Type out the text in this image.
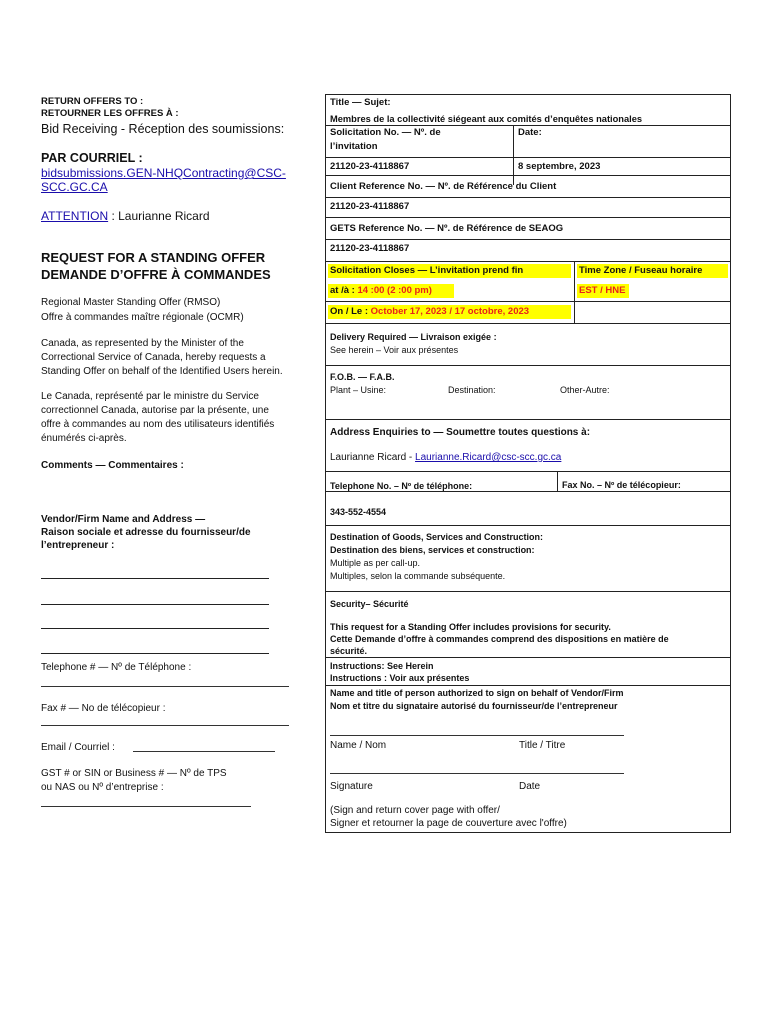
RETURN OFFERS TO :
RETOURNER LES OFFRES À :
Bid Receiving - Réception des soumissions:
PAR COURRIEL :
bidsubmissions.GEN-NHQContracting@CSC-
SCC.GC.CA
ATTENTION : Laurianne Ricard
REQUEST FOR A STANDING OFFER
DEMANDE D’OFFRE À COMMANDES
Regional Master Standing Offer (RMSO)
Offre à commandes maître régionale (OCMR)
Canada, as represented by the Minister of the
Correctional Service of Canada, hereby requests a
Standing Offer on behalf of the Identified Users herein.
Le Canada, représenté par le ministre du Service
correctionnel Canada, autorise par la présente, une
offre à commandes au nom des utilisateurs identifiés
énumérés ci-après.
Comments — Commentaires :
Vendor/Firm Name and Address —
Raison sociale et adresse du fournisseur/de
l’entrepreneur :
Telephone # — Nº de Téléphone :
Fax # — No de télécopieur :
Email / Courriel :
GST # or SIN or Business # — Nº de TPS
ou NAS ou Nº d’entreprise :
Title — Sujet:
Membres de la collectivité siégeant aux comités d’enquêtes nationales
Solicitation No. — Nº. de
l’invitation
Date:
21120-23-4118867	8 septembre, 2023
Client Reference No. — Nº. de Référence du Client
21120-23-4118867
GETS Reference No. — Nº. de Référence de SEAOG
21120-23-4118867
Solicitation Closes — L’invitation prend fin	Time Zone / Fuseau horaire
at /à : 14 :00 (2 :00 pm)	EST / HNE
On / Le : October 17, 2023 / 17 octobre, 2023
Delivery Required — Livraison exigée :
See herein – Voir aux présentes
F.O.B. — F.A.B.
Plant – Usine:	Destination:	Other-Autre:
Address Enquiries to — Soumettre toutes questions à:
Laurianne Ricard - Laurianne.Ricard@csc-scc.gc.ca
Telephone No. – Nº de téléphone:	Fax No. – Nº de télécopieur:
343-552-4554
Destination of Goods, Services and Construction:
Destination des biens, services et construction:
Multiple as per call-up.
Multiples, selon la commande subséquente.
Security– Sécurité
This request for a Standing Offer includes provisions for security.
Cette Demande d’offre à commandes comprend des dispositions en matière de
sécurité.
Instructions: See Herein
Instructions : Voir aux présentes
Name and title of person authorized to sign on behalf of Vendor/Firm
Nom et titre du signataire autorisé du fournisseur/de l’entrepreneur
Name / Nom	Title / Titre
Signature	Date
(Sign and return cover page with offer/
Signer et retourner la page de couverture avec l'offre)
